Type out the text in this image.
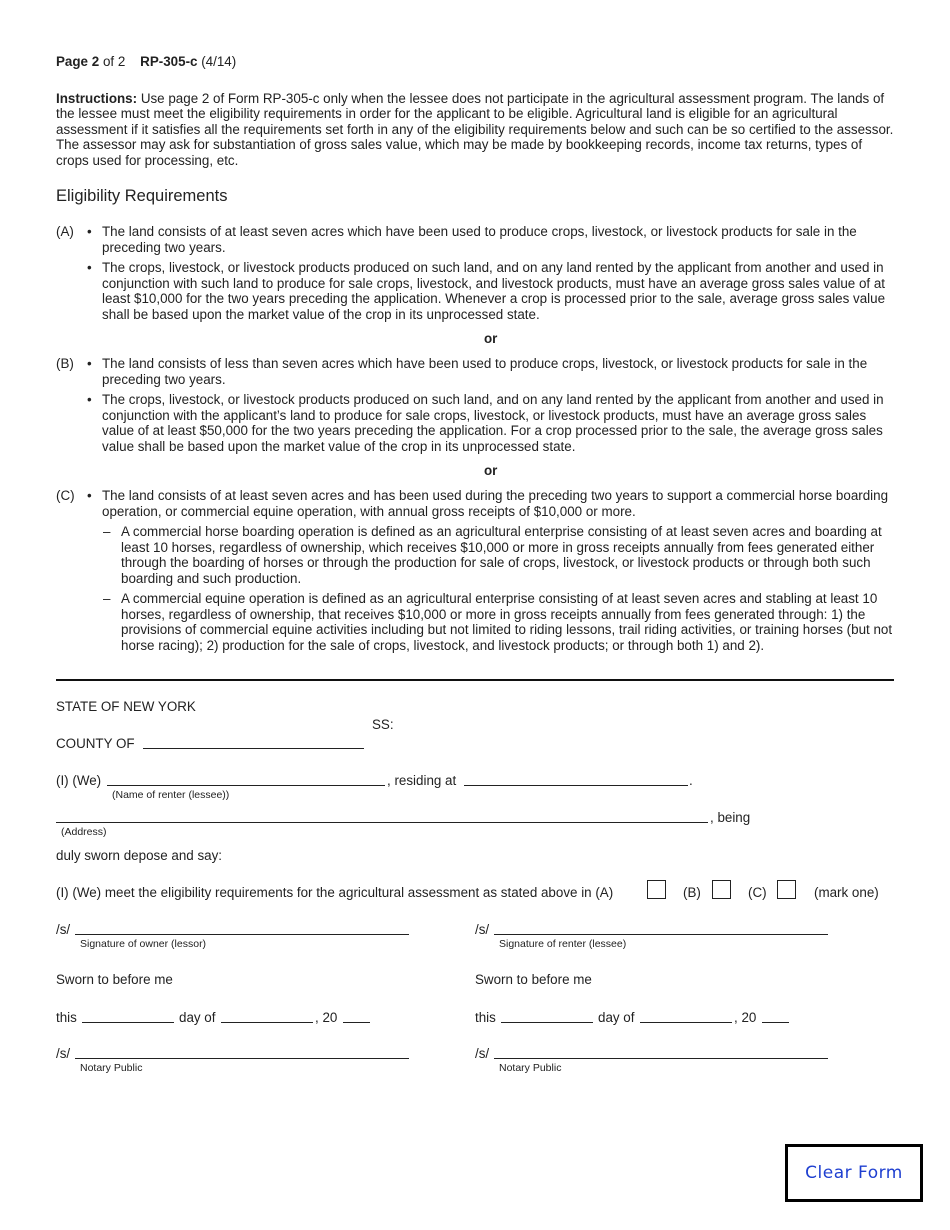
Page 2 of 2 RP-305-c (4/14)
Instructions: Use page 2 of Form RP-305-c only when the lessee does not participate in the agricultural assessment program. The lands of the lessee must meet the eligibility requirements in order for the applicant to be eligible. Agricultural land is eligible for an agricultural assessment if it satisfies all the requirements set forth in any of the eligibility requirements below and such can be so certified to the assessor. The assessor may ask for substantiation of gross sales value, which may be made by bookkeeping records, income tax returns, types of crops used for processing, etc.
Eligibility Requirements
(A) • The land consists of at least seven acres which have been used to produce crops, livestock, or livestock products for sale in the preceding two years.
• The crops, livestock, or livestock products produced on such land, and on any land rented by the applicant from another and used in conjunction with such land to produce for sale crops, livestock, and livestock products, must have an average gross sales value of at least $10,000 for the two years preceding the application. Whenever a crop is processed prior to the sale, average gross sales value shall be based upon the market value of the crop in its unprocessed state.
or
(B) • The land consists of less than seven acres which have been used to produce crops, livestock, or livestock products for sale in the preceding two years.
• The crops, livestock, or livestock products produced on such land, and on any land rented by the applicant from another and used in conjunction with the applicant’s land to produce for sale crops, livestock, or livestock products, must have an average gross sales value of at least $50,000 for the two years preceding the application. For a crop processed prior to the sale, the average gross sales value shall be based upon the market value of the crop in its unprocessed state.
or
(C) • The land consists of at least seven acres and has been used during the preceding two years to support a commercial horse boarding operation, or commercial equine operation, with annual gross receipts of $10,000 or more.
– A commercial horse boarding operation is defined as an agricultural enterprise consisting of at least seven acres and boarding at least 10 horses, regardless of ownership, which receives $10,000 or more in gross receipts annually from fees generated either through the boarding of horses or through the production for sale of crops, livestock, or livestock products or through both such boarding and such production.
– A commercial equine operation is defined as an agricultural enterprise consisting of at least seven acres and stabling at least 10 horses, regardless of ownership, that receives $10,000 or more in gross receipts annually from fees generated through: 1) the provisions of commercial equine activities including but not limited to riding lessons, trail riding activities, or training horses (but not horse racing); 2) production for the sale of crops, livestock, and livestock products; or through both 1) and 2).
STATE OF NEW YORK
SS:
COUNTY OF
(I) (We)	, residing at	.
(Name of renter (lessee))
, being
(Address)
duly sworn depose and say:
(I) (We) meet the eligibility requirements for the agricultural assessment as stated above in (A)	(B)	(C)	(mark one)
/s/
Signature of owner (lessor)
Sworn to before me
this	day of	, 20
/s/
Notary Public
/s/
Signature of renter (lessee)
Sworn to before me
this	day of	, 20
/s/
Notary Public
Clear Form
